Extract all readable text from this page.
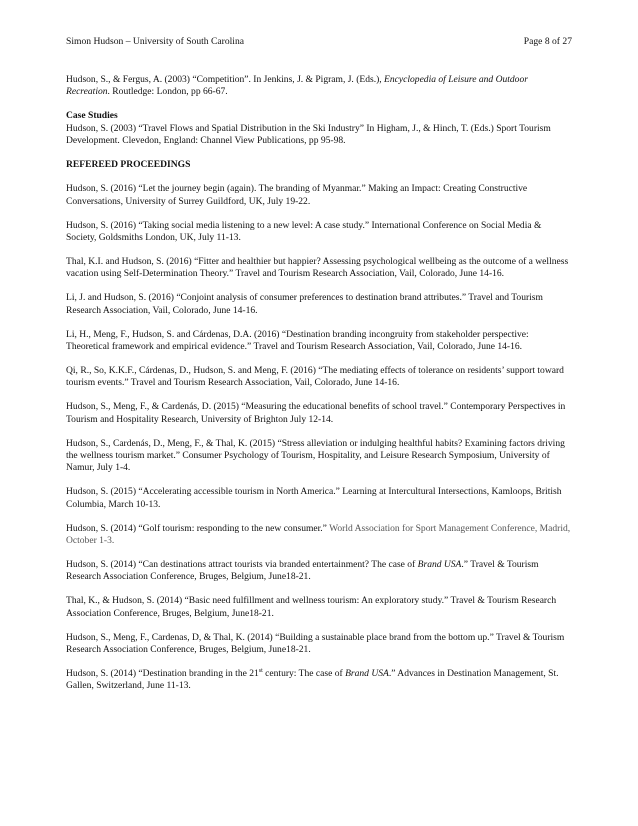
Simon Hudson – University of South Carolina	Page 8 of 27
Hudson, S., & Fergus, A. (2003) “Competition”. In Jenkins, J. & Pigram, J. (Eds.), Encyclopedia of Leisure and Outdoor Recreation. Routledge: London, pp 66-67.
Case Studies
Hudson, S. (2003) “Travel Flows and Spatial Distribution in the Ski Industry” In Higham, J., & Hinch, T. (Eds.) Sport Tourism Development. Clevedon, England: Channel View Publications, pp 95-98.
REFEREED PROCEEDINGS
Hudson, S. (2016) “Let the journey begin (again). The branding of Myanmar.” Making an Impact: Creating Constructive Conversations, University of Surrey Guildford, UK, July 19-22.
Hudson, S. (2016) “Taking social media listening to a new level: A case study.” International Conference on Social Media & Society, Goldsmiths London, UK, July 11-13.
Thal, K.I. and Hudson, S. (2016) “Fitter and healthier but happier? Assessing psychological wellbeing as the outcome of a wellness vacation using Self-Determination Theory.” Travel and Tourism Research Association, Vail, Colorado, June 14-16.
Li, J. and Hudson, S. (2016) “Conjoint analysis of consumer preferences to destination brand attributes.” Travel and Tourism Research Association, Vail, Colorado, June 14-16.
Li, H., Meng, F., Hudson, S. and Cárdenas, D.A. (2016) “Destination branding incongruity from stakeholder perspective: Theoretical framework and empirical evidence.” Travel and Tourism Research Association, Vail, Colorado, June 14-16.
Qi, R., So, K.K.F., Cárdenas, D., Hudson, S. and Meng, F. (2016) “The mediating effects of tolerance on residents’ support toward tourism events.” Travel and Tourism Research Association, Vail, Colorado, June 14-16.
Hudson, S., Meng, F., & Cardenás, D. (2015) “Measuring the educational benefits of school travel.” Contemporary Perspectives in Tourism and Hospitality Research, University of Brighton July 12-14.
Hudson, S., Cardenás, D., Meng, F., & Thal, K. (2015) “Stress alleviation or indulging healthful habits? Examining factors driving the wellness tourism market.” Consumer Psychology of Tourism, Hospitality, and Leisure Research Symposium, University of Namur, July 1-4.
Hudson, S. (2015) “Accelerating accessible tourism in North America.” Learning at Intercultural Intersections, Kamloops, British Columbia, March 10-13.
Hudson, S. (2014) “Golf tourism: responding to the new consumer.” World Association for Sport Management Conference, Madrid, October 1-3.
Hudson, S. (2014) “Can destinations attract tourists via branded entertainment? The case of Brand USA.” Travel & Tourism Research Association Conference, Bruges, Belgium, June18-21.
Thal, K., & Hudson, S. (2014) “Basic need fulfillment and wellness tourism: An exploratory study.” Travel & Tourism Research Association Conference, Bruges, Belgium, June18-21.
Hudson, S., Meng, F., Cardenas, D, & Thal, K. (2014) “Building a sustainable place brand from the bottom up.” Travel & Tourism Research Association Conference, Bruges, Belgium, June18-21.
Hudson, S. (2014) “Destination branding in the 21st century: The case of Brand USA.” Advances in Destination Management, St. Gallen, Switzerland, June 11-13.
